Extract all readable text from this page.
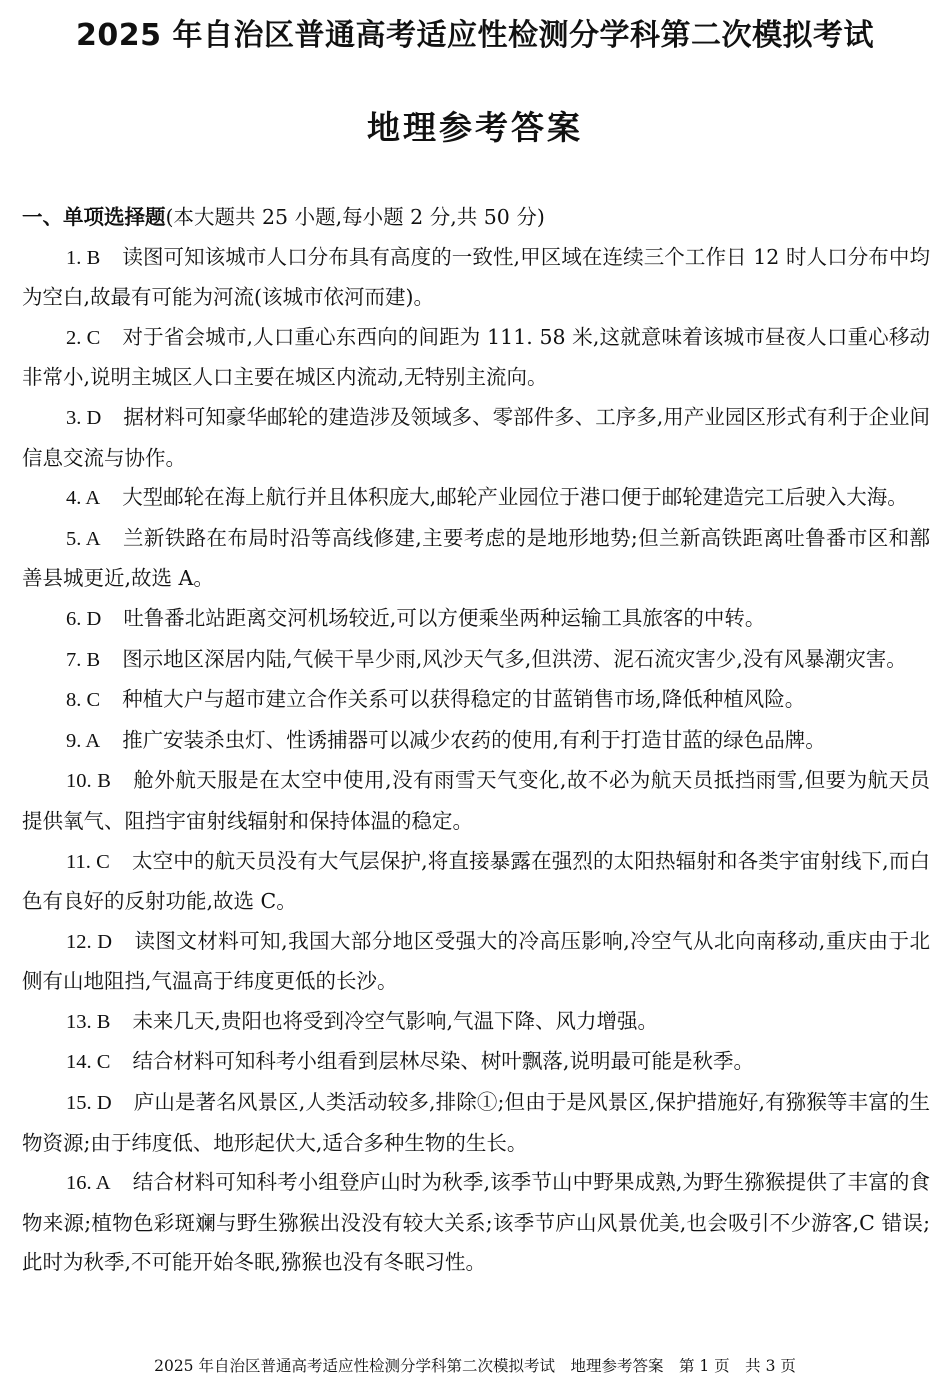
2025 年自治区普通高考适应性检测分学科第二次模拟考试
地理参考答案

一、单项选择题(本大题共 25 小题,每小题 2 分,共 50 分)

1. B 读图可知该城市人口分布具有高度的一致性,甲区域在连续三个工作日 12 时人口分布中均为空白,故最有可能为河流(该城市依河而建)。

2. C 对于省会城市,人口重心东西向的间距为 111. 58 米,这就意味着该城市昼夜人口重心移动非常小,说明主城区人口主要在城区内流动,无特别主流向。

3. D 据材料可知豪华邮轮的建造涉及领域多、零部件多、工序多,用产业园区形式有利于企业间信息交流与协作。

4. A 大型邮轮在海上航行并且体积庞大,邮轮产业园位于港口便于邮轮建造完工后驶入大海。

5. A 兰新铁路在布局时沿等高线修建,主要考虑的是地形地势;但兰新高铁距离吐鲁番市区和鄯善县城更近,故选 A。

6. D 吐鲁番北站距离交河机场较近,可以方便乘坐两种运输工具旅客的中转。

7. B 图示地区深居内陆,气候干旱少雨,风沙天气多,但洪涝、泥石流灾害少,没有风暴潮灾害。

8. C 种植大户与超市建立合作关系可以获得稳定的甘蓝销售市场,降低种植风险。

9. A 推广安装杀虫灯、性诱捕器可以减少农药的使用,有利于打造甘蓝的绿色品牌。

10. B 舱外航天服是在太空中使用,没有雨雪天气变化,故不必为航天员抵挡雨雪,但要为航天员提供氧气、阻挡宇宙射线辐射和保持体温的稳定。

11. C 太空中的航天员没有大气层保护,将直接暴露在强烈的太阳热辐射和各类宇宙射线下,而白色有良好的反射功能,故选 C。

12. D 读图文材料可知,我国大部分地区受强大的冷高压影响,冷空气从北向南移动,重庆由于北侧有山地阻挡,气温高于纬度更低的长沙。

13. B 未来几天,贵阳也将受到冷空气影响,气温下降、风力增强。

14. C 结合材料可知科考小组看到层林尽染、树叶飘落,说明最可能是秋季。

15. D 庐山是著名风景区,人类活动较多,排除①;但由于是风景区,保护措施好,有猕猴等丰富的生物资源;由于纬度低、地形起伏大,适合多种生物的生长。

16. A 结合材料可知科考小组登庐山时为秋季,该季节山中野果成熟,为野生猕猴提供了丰富的食物来源;植物色彩斑斓与野生猕猴出没没有较大关系;该季节庐山风景优美,也会吸引不少游客,C 错误;此时为秋季,不可能开始冬眠,猕猴也没有冬眠习性。

2025 年自治区普通高考适应性检测分学科第二次模拟考试　地理参考答案　第 1 页　共 3 页
